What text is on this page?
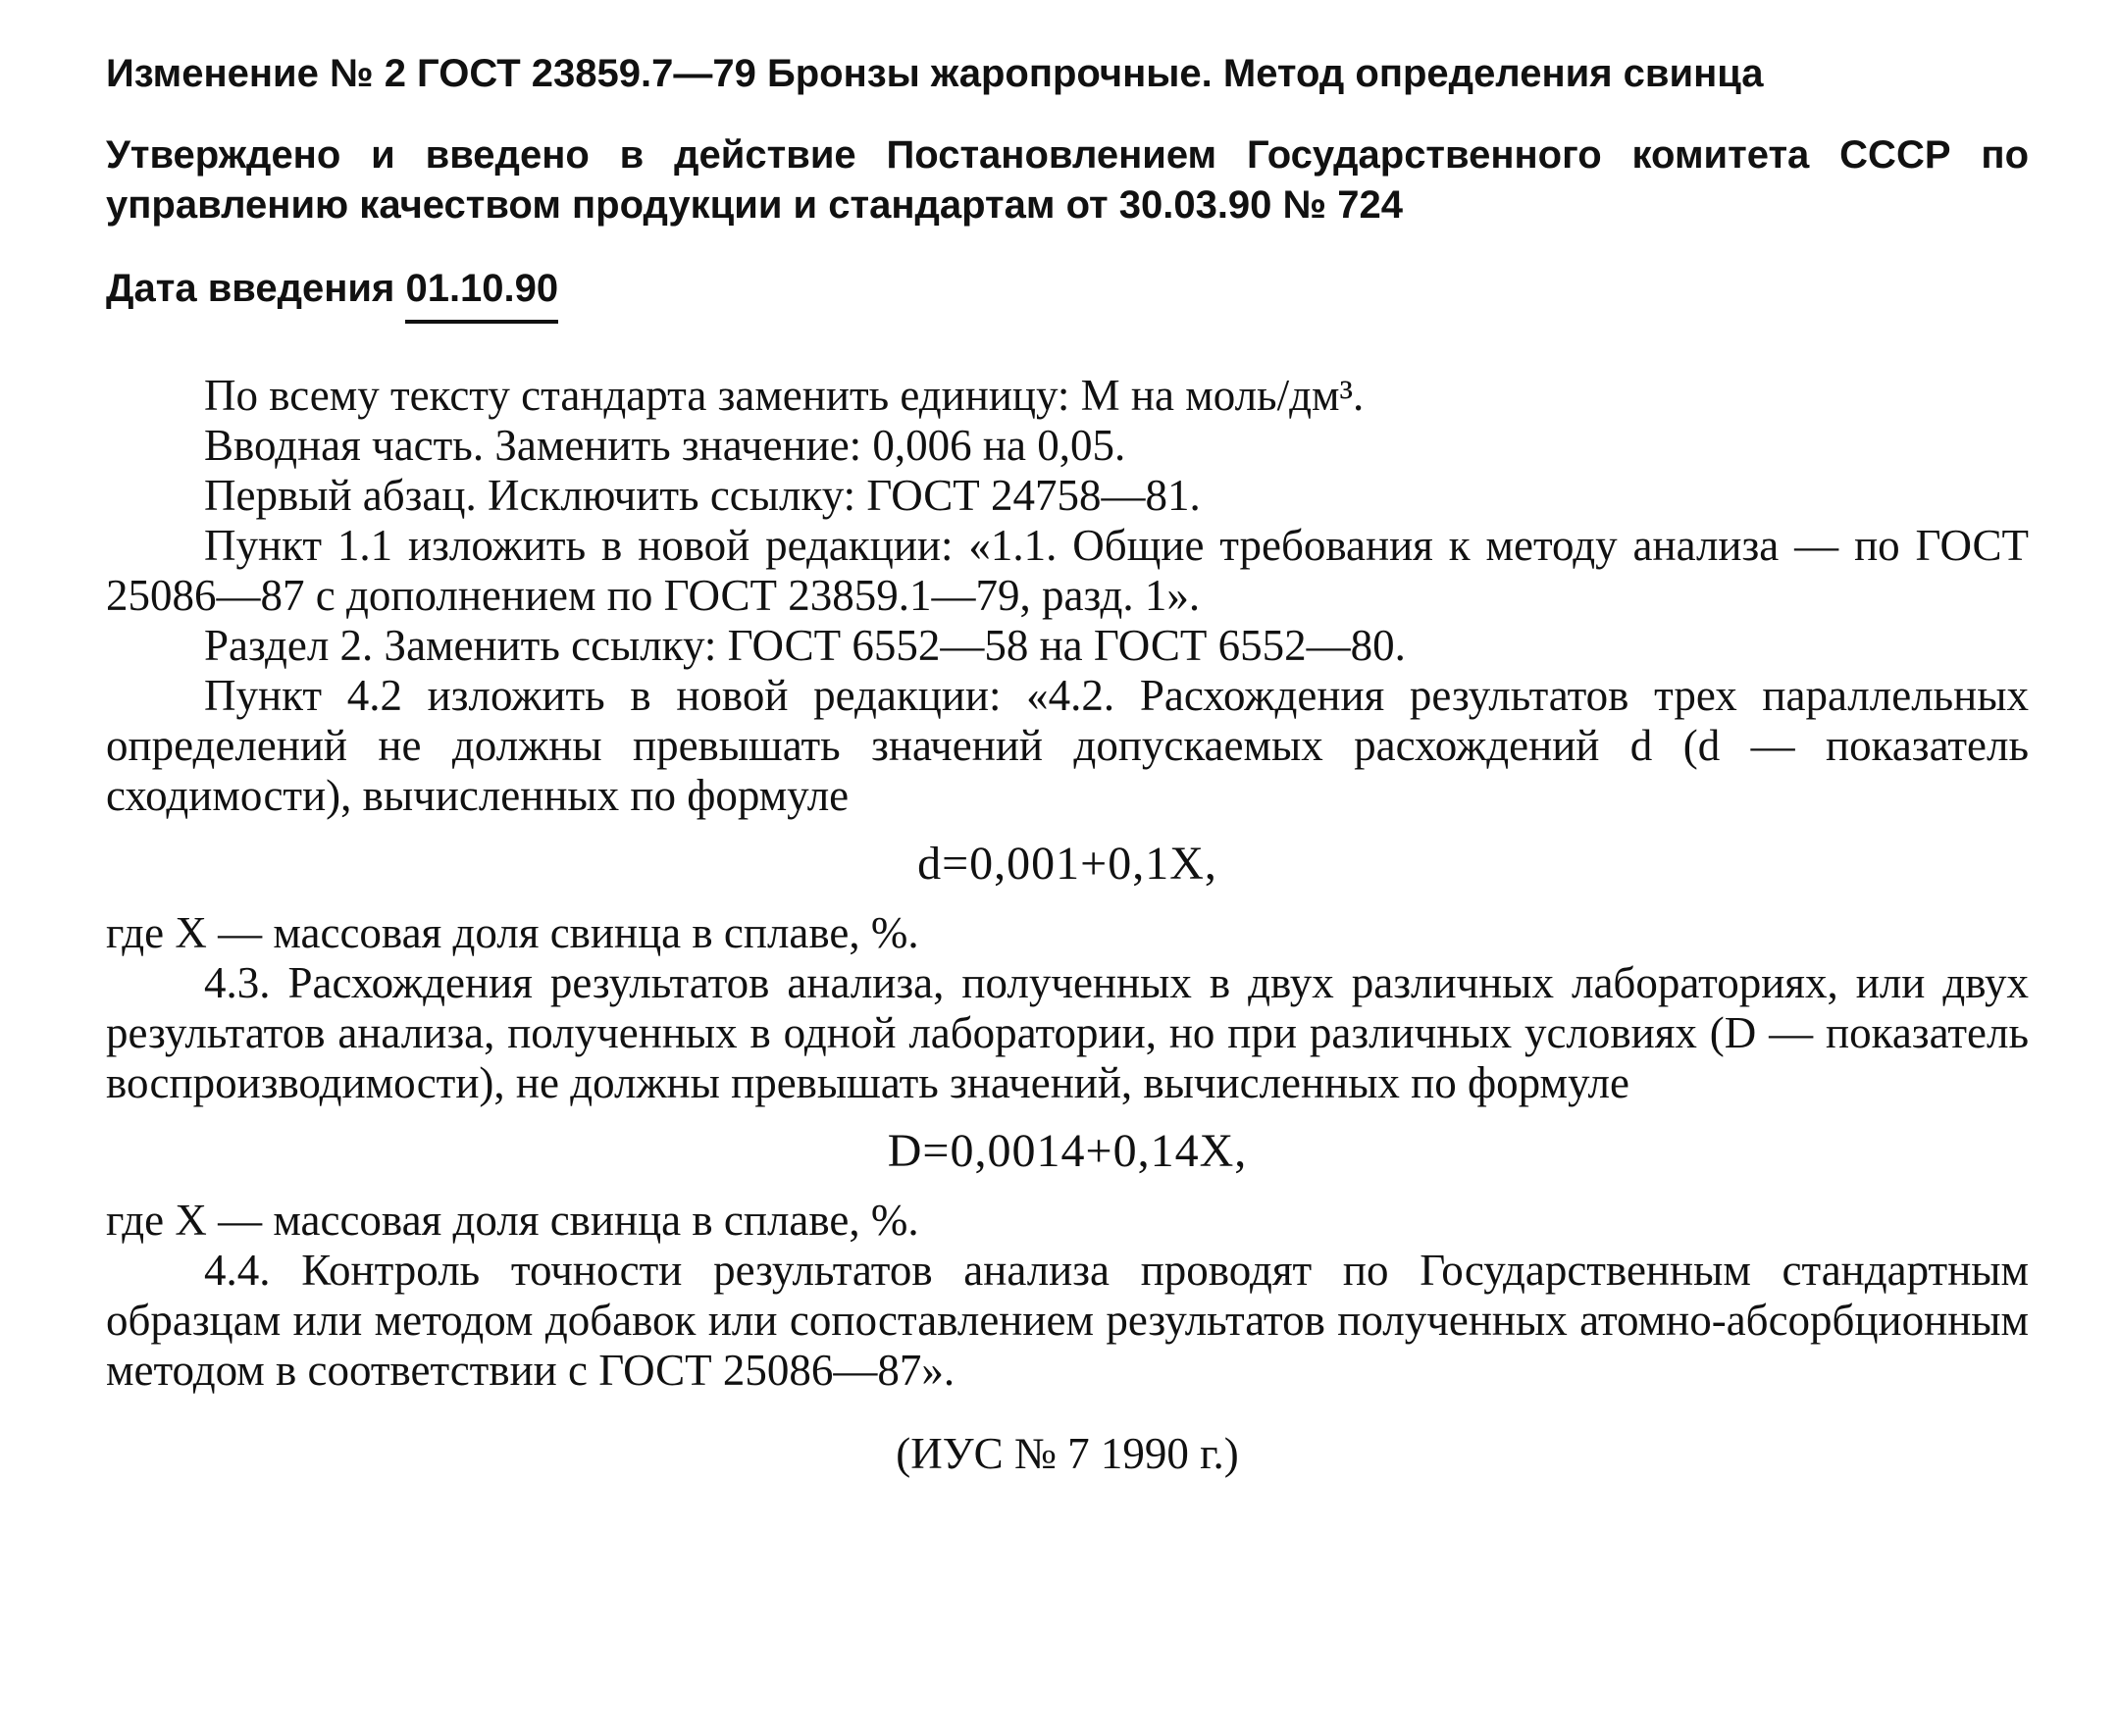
Изменение № 2 ГОСТ 23859.7—79 Бронзы жаропрочные. Метод определения свинца

Утверждено и введено в действие Постановлением Государственного комитета СССР по управлению качеством продукции и стандартам от 30.03.90 № 724

Дата введения 01.10.90

По всему тексту стандарта заменить единицу: М на моль/дм³.

Вводная часть. Заменить значение: 0,006 на 0,05.

Первый абзац. Исключить ссылку: ГОСТ 24758—81.

Пункт 1.1 изложить в новой редакции: «1.1. Общие требования к методу анализа — по ГОСТ 25086—87 с дополнением по ГОСТ 23859.1—79, разд. 1».

Раздел 2. Заменить ссылку: ГОСТ 6552—58 на ГОСТ 6552—80.

Пункт 4.2 изложить в новой редакции: «4.2. Расхождения результатов трех параллельных определений не должны превышать значений допускаемых расхождений d (d — показатель сходимости), вычисленных по формуле

d=0,001+0,1X,

где X — массовая доля свинца в сплаве, %.

4.3. Расхождения результатов анализа, полученных в двух различных лабораториях, или двух результатов анализа, полученных в одной лаборатории, но при различных условиях (D — показатель воспроизводимости), не должны превышать значений, вычисленных по формуле

D=0,0014+0,14X,

где X — массовая доля свинца в сплаве, %.

4.4. Контроль точности результатов анализа проводят по Государственным стандартным образцам или методом добавок или сопоставлением результатов полученных атомно-абсорбционным методом в соответствии с ГОСТ 25086—87».

(ИУС № 7 1990 г.)
